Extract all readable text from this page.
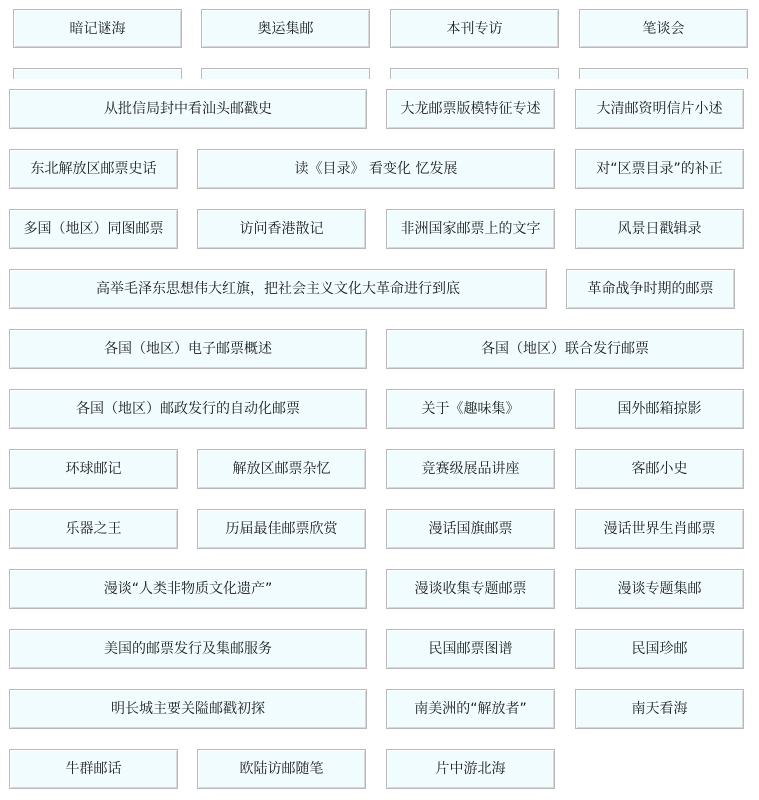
暗记谜海	奥运集邮	本刊专访	笔谈会
从批信局封中看汕头邮戳史	大龙邮票版模特征专述	大清邮资明信片小述
东北解放区邮票史话	读《目录》 看变化 忆发展	对“区票目录”的补正
多国（地区）同图邮票	访问香港散记	非洲国家邮票上的文字	风景日戳辑录
高举毛泽东思想伟大红旗，把社会主义文化大革命进行到底	革命战争时期的邮票
各国（地区）电子邮票概述	各国（地区）联合发行邮票
各国（地区）邮政发行的自动化邮票	关于《趣味集》	国外邮箱掠影
环球邮记	解放区邮票杂忆	竞赛级展品讲座	客邮小史
乐器之王	历届最佳邮票欣赏	漫话国旗邮票	漫话世界生肖邮票
漫谈“人类非物质文化遗产”	漫谈收集专题邮票	漫谈专题集邮
美国的邮票发行及集邮服务	民国邮票图谱	民国珍邮
明长城主要关隘邮戳初探	南美洲的“解放者”	南天看海
牛群邮话	欧陆访邮随笔	片中游北海
